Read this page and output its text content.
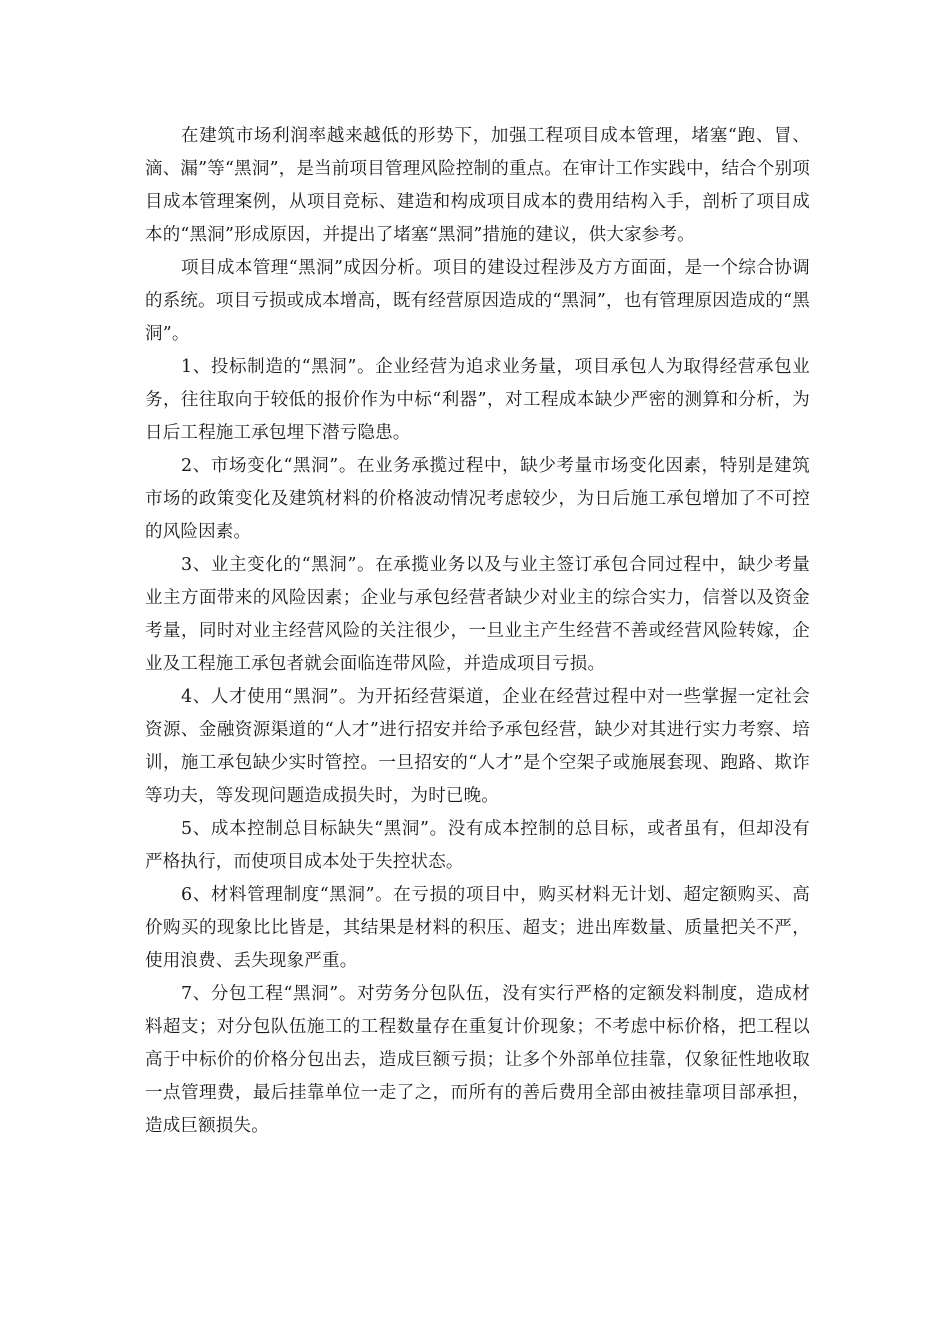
在建筑市场利润率越来越低的形势下，加强工程项目成本管理，堵塞“跑、冒、滴、漏”等“黑洞”，是当前项目管理风险控制的重点。在审计工作实践中，结合个别项目成本管理案例，从项目竞标、建造和构成项目成本的费用结构入手，剖析了项目成本的“黑洞”形成原因，并提出了堵塞“黑洞”措施的建议，供大家参考。

项目成本管理“黑洞”成因分析。项目的建设过程涉及方方面面，是一个综合协调的系统。项目亏损或成本增高，既有经营原因造成的“黑洞”，也有管理原因造成的“黑洞”。

1、投标制造的“黑洞”。企业经营为追求业务量，项目承包人为取得经营承包业务，往往取向于较低的报价作为中标“利器”，对工程成本缺少严密的测算和分析，为日后工程施工承包埋下潜亏隐患。

2、市场变化“黑洞”。在业务承揽过程中，缺少考量市场变化因素，特别是建筑市场的政策变化及建筑材料的价格波动情况考虑较少，为日后施工承包增加了不可控的风险因素。

3、业主变化的“黑洞”。在承揽业务以及与业主签订承包合同过程中，缺少考量业主方面带来的风险因素；企业与承包经营者缺少对业主的综合实力，信誉以及资金考量，同时对业主经营风险的关注很少，一旦业主产生经营不善或经营风险转嫁，企业及工程施工承包者就会面临连带风险，并造成项目亏损。

4、人才使用“黑洞”。为开拓经营渠道，企业在经营过程中对一些掌握一定社会资源、金融资源渠道的“人才”进行招安并给予承包经营，缺少对其进行实力考察、培训，施工承包缺少实时管控。一旦招安的“人才”是个空架子或施展套现、跑路、欺诈等功夫，等发现问题造成损失时，为时已晚。

5、成本控制总目标缺失“黑洞”。没有成本控制的总目标，或者虽有，但却没有严格执行，而使项目成本处于失控状态。

6、材料管理制度“黑洞”。在亏损的项目中，购买材料无计划、超定额购买、高价购买的现象比比皆是，其结果是材料的积压、超支；进出库数量、质量把关不严，使用浪费、丢失现象严重。

7、分包工程“黑洞”。对劳务分包队伍，没有实行严格的定额发料制度，造成材料超支；对分包队伍施工的工程数量存在重复计价现象；不考虑中标价格，把工程以高于中标价的价格分包出去，造成巨额亏损；让多个外部单位挂靠，仅象征性地收取一点管理费，最后挂靠单位一走了之，而所有的善后费用全部由被挂靠项目部承担，造成巨额损失。
